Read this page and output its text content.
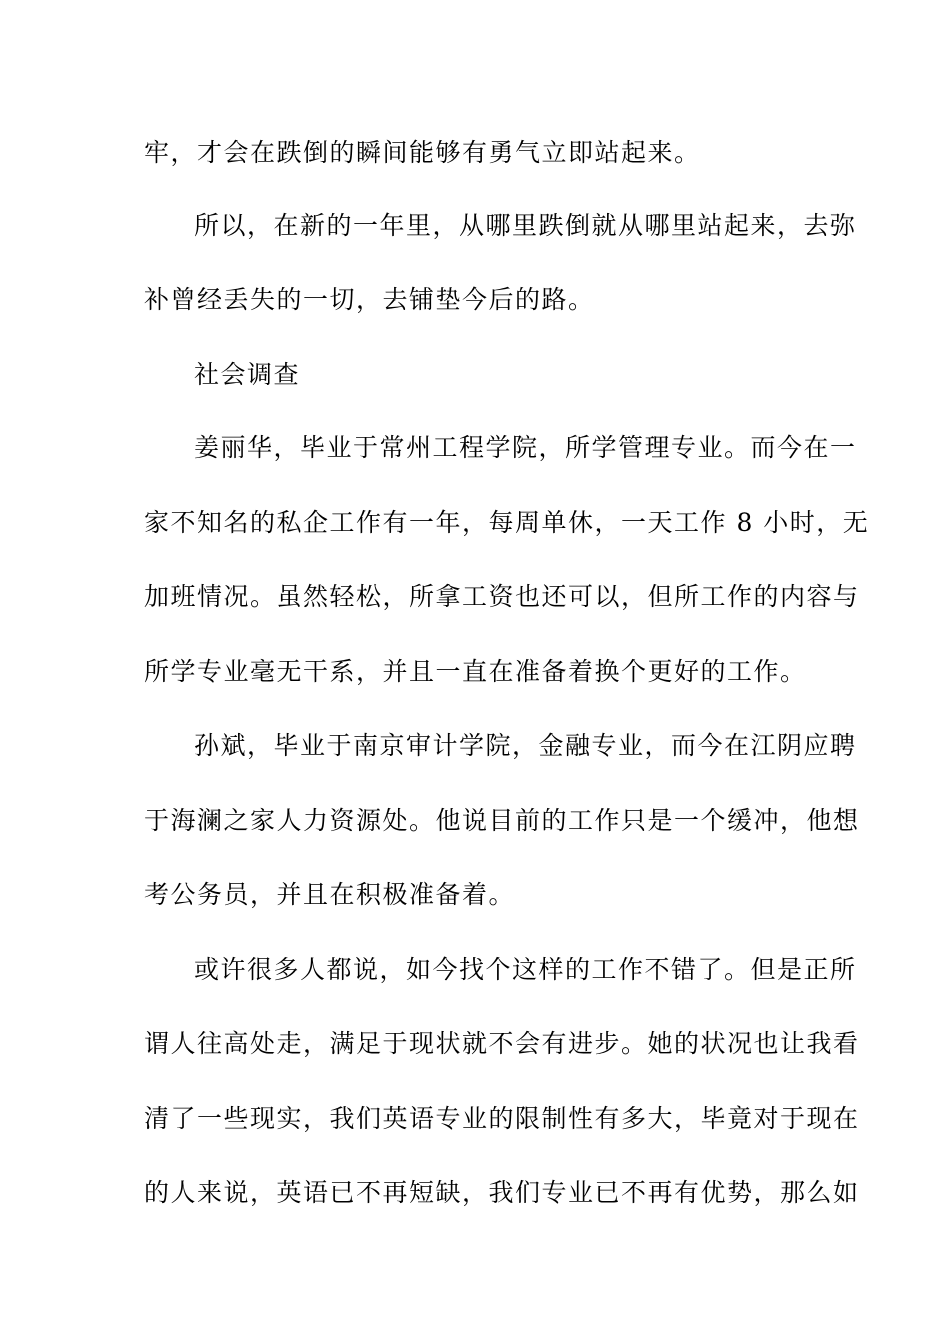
牢，才会在跌倒的瞬间能够有勇气立即站起来。
所以，在新的一年里，从哪里跌倒就从哪里站起来，去弥
补曾经丢失的一切，去铺垫今后的路。
社会调查
姜丽华，毕业于常州工程学院，所学管理专业。而今在一
家不知名的私企工作有一年，每周单休，一天工作 8 小时，无
加班情况。虽然轻松，所拿工资也还可以，但所工作的内容与
所学专业毫无干系，并且一直在准备着换个更好的工作。
孙斌，毕业于南京审计学院，金融专业，而今在江阴应聘
于海澜之家人力资源处。他说目前的工作只是一个缓冲，他想
考公务员，并且在积极准备着。
或许很多人都说，如今找个这样的工作不错了。但是正所
谓人往高处走，满足于现状就不会有进步。她的状况也让我看
清了一些现实，我们英语专业的限制性有多大，毕竟对于现在
的人来说，英语已不再短缺，我们专业已不再有优势，那么如
